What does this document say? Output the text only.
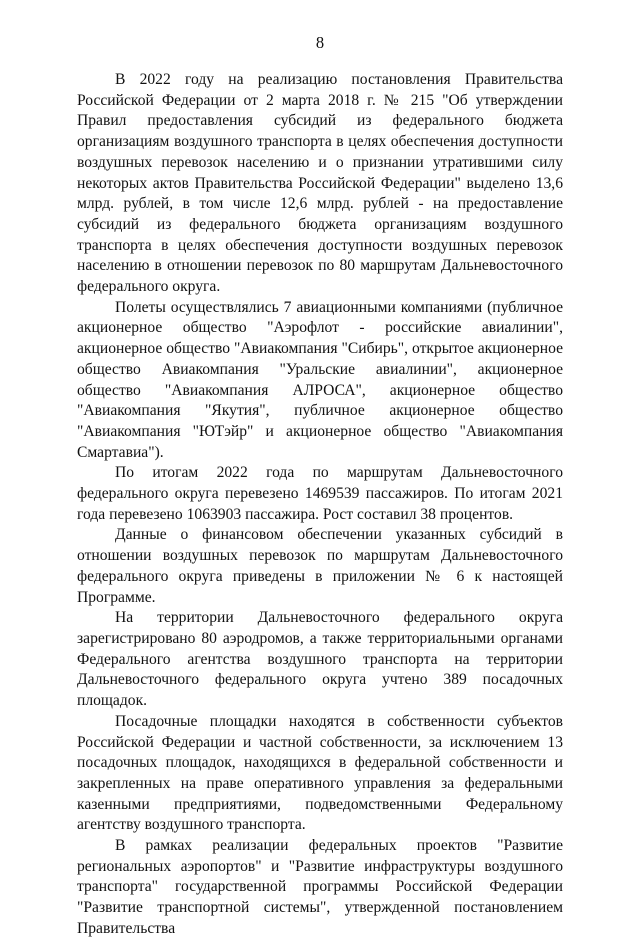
8

В 2022 году на реализацию постановления Правительства Российской Федерации от 2 марта 2018 г. № 215 "Об утверждении Правил предоставления субсидий из федерального бюджета организациям воздушного транспорта в целях обеспечения доступности воздушных перевозок населению и о признании утратившими силу некоторых актов Правительства Российской Федерации" выделено 13,6 млрд. рублей, в том числе 12,6 млрд. рублей - на предоставление субсидий из федерального бюджета организациям воздушного транспорта в целях обеспечения доступности воздушных перевозок населению в отношении перевозок по 80 маршрутам Дальневосточного федерального округа.

Полеты осуществлялись 7 авиационными компаниями (публичное акционерное общество "Аэрофлот - российские авиалинии", акционерное общество "Авиакомпания "Сибирь", открытое акционерное общество Авиакомпания "Уральские авиалинии", акционерное общество "Авиакомпания АЛРОСА", акционерное общество "Авиакомпания "Якутия", публичное акционерное общество "Авиакомпания "ЮТэйр" и акционерное общество "Авиакомпания Смартавиа").

По итогам 2022 года по маршрутам Дальневосточного федерального округа перевезено 1469539 пассажиров. По итогам 2021 года перевезено 1063903 пассажира. Рост составил 38 процентов.

Данные о финансовом обеспечении указанных субсидий в отношении воздушных перевозок по маршрутам Дальневосточного федерального округа приведены в приложении № 6 к настоящей Программе.

На территории Дальневосточного федерального округа зарегистрировано 80 аэродромов, а также территориальными органами Федерального агентства воздушного транспорта на территории Дальневосточного федерального округа учтено 389 посадочных площадок.

Посадочные площадки находятся в собственности субъектов Российской Федерации и частной собственности, за исключением 13 посадочных площадок, находящихся в федеральной собственности и закрепленных на праве оперативного управления за федеральными казенными предприятиями, подведомственными Федеральному агентству воздушного транспорта.

В рамках реализации федеральных проектов "Развитие региональных аэропортов" и "Развитие инфраструктуры воздушного транспорта" государственной программы Российской Федерации "Развитие транспортной системы", утвержденной постановлением Правительства
